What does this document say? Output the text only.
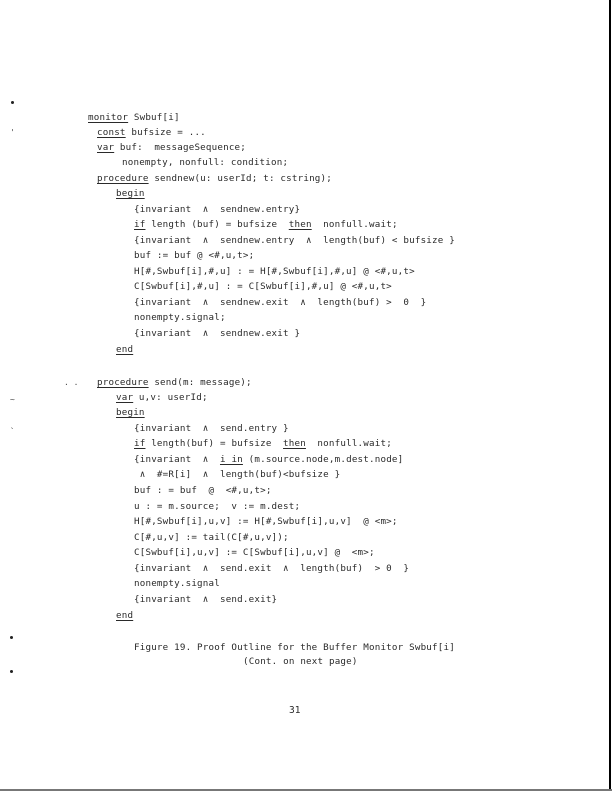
'
~
`
. .
monitor Swbuf[i]
const bufsize = ...
var buf:  messageSequence;
nonempty, nonfull: condition;
procedure sendnew(u: userId; t: cstring);
begin
{invariant  ∧  sendnew.entry}
if length (buf) = bufsize  then  nonfull.wait;
{invariant  ∧  sendnew.entry  ∧  length(buf) < bufsize }
buf := buf @ <#,u,t>;
H[#,Swbuf[i],#,u] : = H[#,Swbuf[i],#,u] @ <#,u,t>
C[Swbuf[i],#,u] : = C[Swbuf[i],#,u] @ <#,u,t>
{invariant  ∧  sendnew.exit  ∧  length(buf) >  0  }
nonempty.signal;
{invariant  ∧  sendnew.exit }
end
procedure send(m: message);
var u,v: userId;
begin
{invariant  ∧  send.entry }
if length(buf) = bufsize  then  nonfull.wait;
{invariant  ∧  i in (m.source.node,m.dest.node]
∧  #=R[i]  ∧  length(buf)<bufsize }
buf : = buf  @  <#,u,t>;
u : = m.source;  v := m.dest;
H[#,Swbuf[i],u,v] := H[#,Swbuf[i],u,v]  @ <m>;
C[#,u,v] := tail(C[#,u,v]);
C[Swbuf[i],u,v] := C[Swbuf[i],u,v] @  <m>;
{invariant  ∧  send.exit  ∧  length(buf)  > 0  }
nonempty.signal
{invariant  ∧  send.exit}
end
Figure 19. Proof Outline for the Buffer Monitor Swbuf[i]
(Cont. on next page)
31
